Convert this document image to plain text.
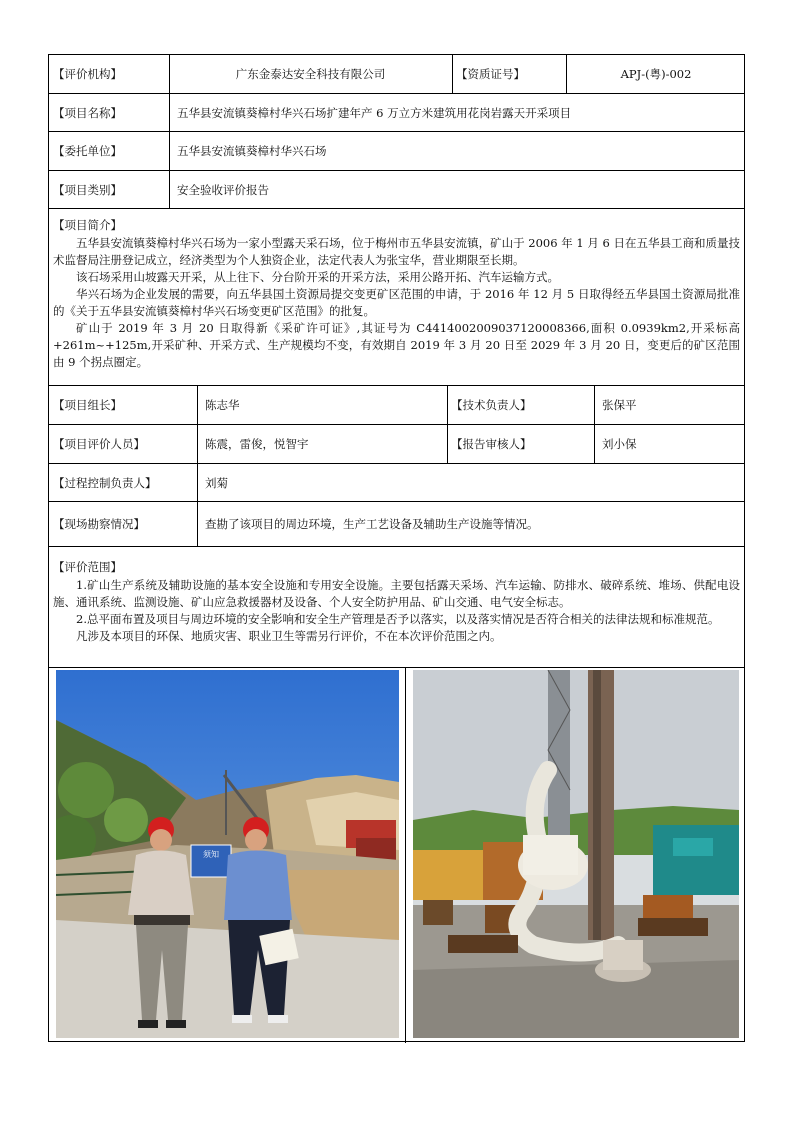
【评价机构】	广东金泰达安全科技有限公司	【资质证号】	APJ-(粤)-002
【项目名称】	五华县安流镇葵樟村华兴石场扩建年产 6 万立方米建筑用花岗岩露天开采项目
【委托单位】	五华县安流镇葵樟村华兴石场
【项目类别】	安全验收评价报告
【项目简介】

五华县安流镇葵樟村华兴石场为一家小型露天采石场，位于梅州市五华县安流镇，矿山于 2006 年 1 月 6 日在五华县工商和质量技术监督局注册登记成立，经济类型为个人独资企业，法定代表人为张宝华，营业期限至长期。

该石场采用山坡露天开采，从上往下、分台阶开采的开采方法，采用公路开拓、汽车运输方式。

华兴石场为企业发展的需要，向五华县国土资源局提交变更矿区范围的申请，于 2016 年 12 月 5 日取得经五华县国土资源局批准的《关于五华县安流镇葵樟村华兴石场变更矿区范围》的批复。

矿山于 2019 年 3 月 20 日取得新《采矿许可证》,其证号为 C4414002009037120008366,面积 0.0939km2,开采标高+261m~+125m,开采矿种、开采方式、生产规模均不变，有效期自 2019 年 3 月 20 日至 2029 年 3 月 20 日，变更后的矿区范围由 9 个拐点圈定。

【项目组长】	陈志华	【技术负责人】	张保平
【项目评价人员】	陈震，雷俊，悦智宇	【报告审核人】	刘小保
【过程控制负责人】	刘菊
【现场勘察情况】	查勘了该项目的周边环境，生产工艺设备及辅助生产设施等情况。
【评价范围】

1.矿山生产系统及辅助设施的基本安全设施和专用安全设施。主要包括露天采场、汽车运输、防排水、破碎系统、堆场、供配电设施、通讯系统、监测设施、矿山应急救援器材及设备、个人安全防护用品、矿山交通、电气安全标志。

2.总平面布置及项目与周边环境的安全影响和安全生产管理是否予以落实，以及落实情况是否符合相关的法律法规和标准规范。

凡涉及本项目的环保、地质灾害、职业卫生等需另行评价，不在本次评价范围之内。

须知
